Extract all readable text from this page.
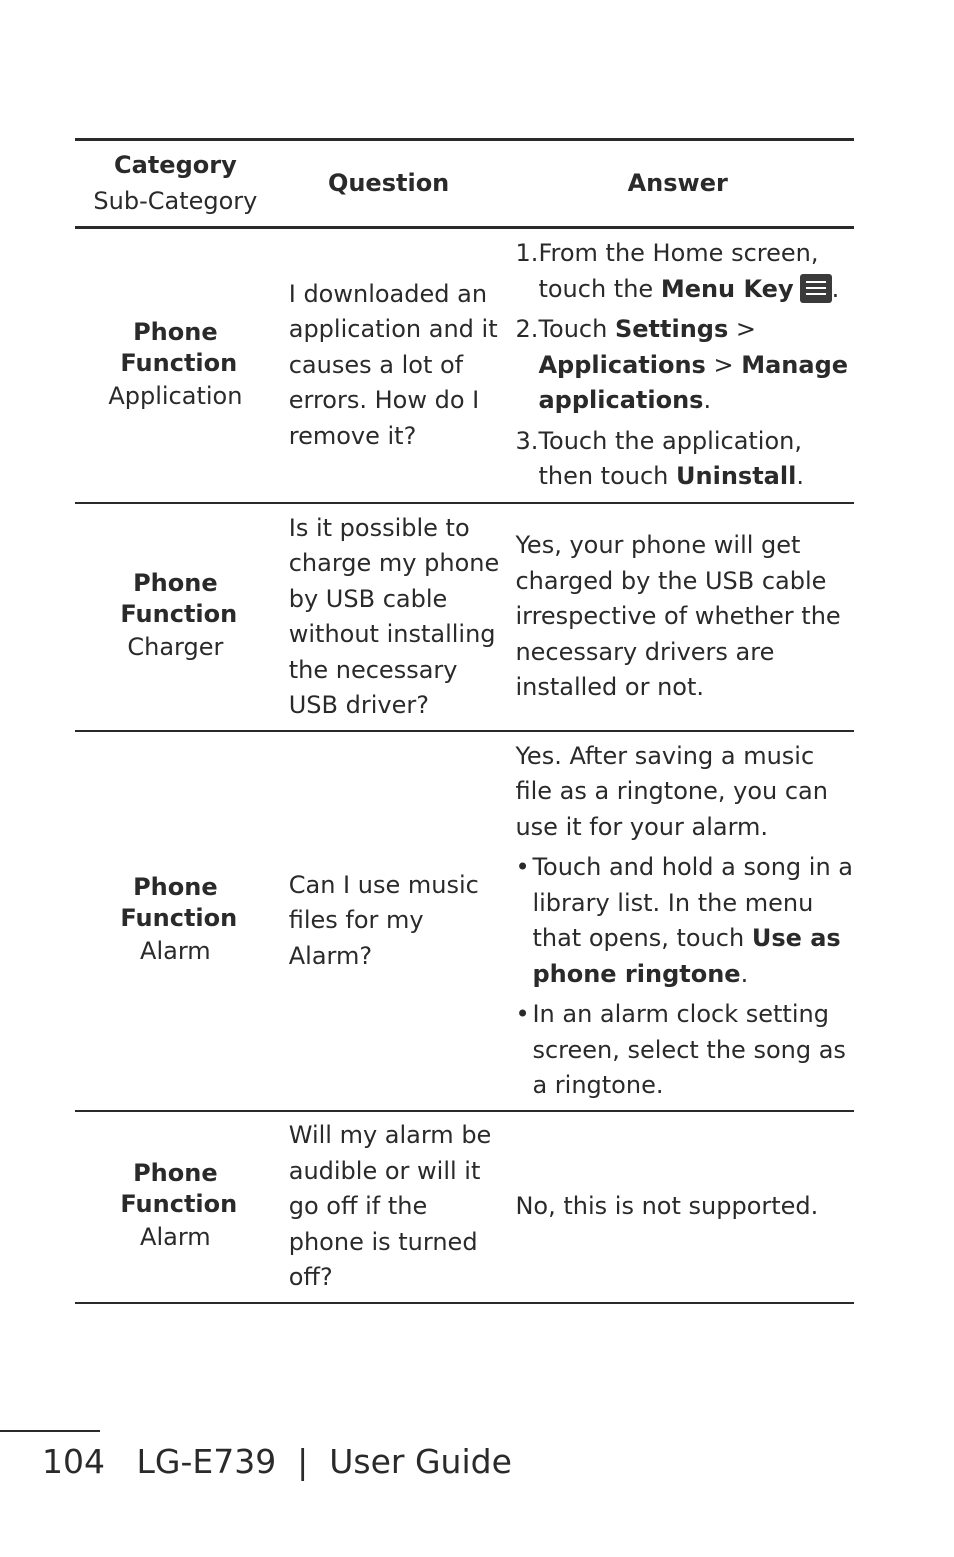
Category
Sub-Category
Question	Answer
Phone Function
Application
I downloaded an application and it causes a lot of errors. How do I remove it?
1. From the Home screen, touch the Menu Key .
2. Touch Settings > Applications > Manage applications.
3. Touch the application, then touch Uninstall.
Phone Function
Charger
Is it possible to charge my phone by USB cable without installing the necessary USB driver?
Yes, your phone will get charged by the USB cable irrespective of whether the necessary drivers are installed or not.
Phone Function
Alarm
Can I use music files for my Alarm?
Yes. After saving a music file as a ringtone, you can use it for your alarm.
• Touch and hold a song in a library list. In the menu that opens, touch Use as phone ringtone.
• In an alarm clock setting screen, select the song as a ringtone.
Phone Function
Alarm
Will my alarm be audible or will it go off if the phone is turned off?
No, this is not supported.
104 LG-E739  |  User Guide
